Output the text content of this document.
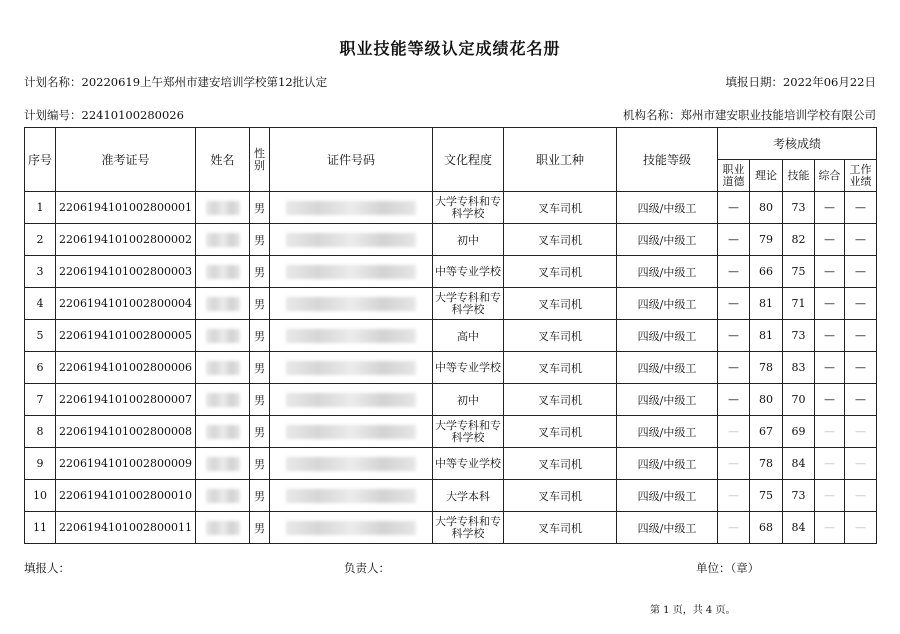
职业技能等级认定成绩花名册
计划名称：20220619上午郑州市建安培训学校第12批认定	填报日期：2022年06月22日
计划编号：22410100280026	机构名称：郑州市建安职业技能培训学校有限公司
序号	准考证号	姓名	性别	证件号码	文化程度	职业工种	技能等级	考核成绩				
								职业道德	理论	技能	综合	工作业绩
1	2206194101002800001		男		大学专科和专科学校	叉车司机	四级/中级工	—	80	73	—	—
2	2206194101002800002		男		初中	叉车司机	四级/中级工	—	79	82	—	—
3	2206194101002800003		男		中等专业学校	叉车司机	四级/中级工	—	66	75	—	—
4	2206194101002800004		男		大学专科和专科学校	叉车司机	四级/中级工	—	81	71	—	—
5	2206194101002800005		男		高中	叉车司机	四级/中级工	—	81	73	—	—
6	2206194101002800006		男		中等专业学校	叉车司机	四级/中级工	—	78	83	—	—
7	2206194101002800007		男		初中	叉车司机	四级/中级工	—	80	70	—	—
8	2206194101002800008		男		大学专科和专科学校	叉车司机	四级/中级工	—	67	69	—	—
9	2206194101002800009		男		中等专业学校	叉车司机	四级/中级工	—	78	84	—	—
10	2206194101002800010		男		大学本科	叉车司机	四级/中级工	—	75	73	—	—
11	2206194101002800011		男		大学专科和专科学校	叉车司机	四级/中级工	—	68	84	—	—
填报人：	负责人：	单位：（章）
第 1 页，共 4 页。
